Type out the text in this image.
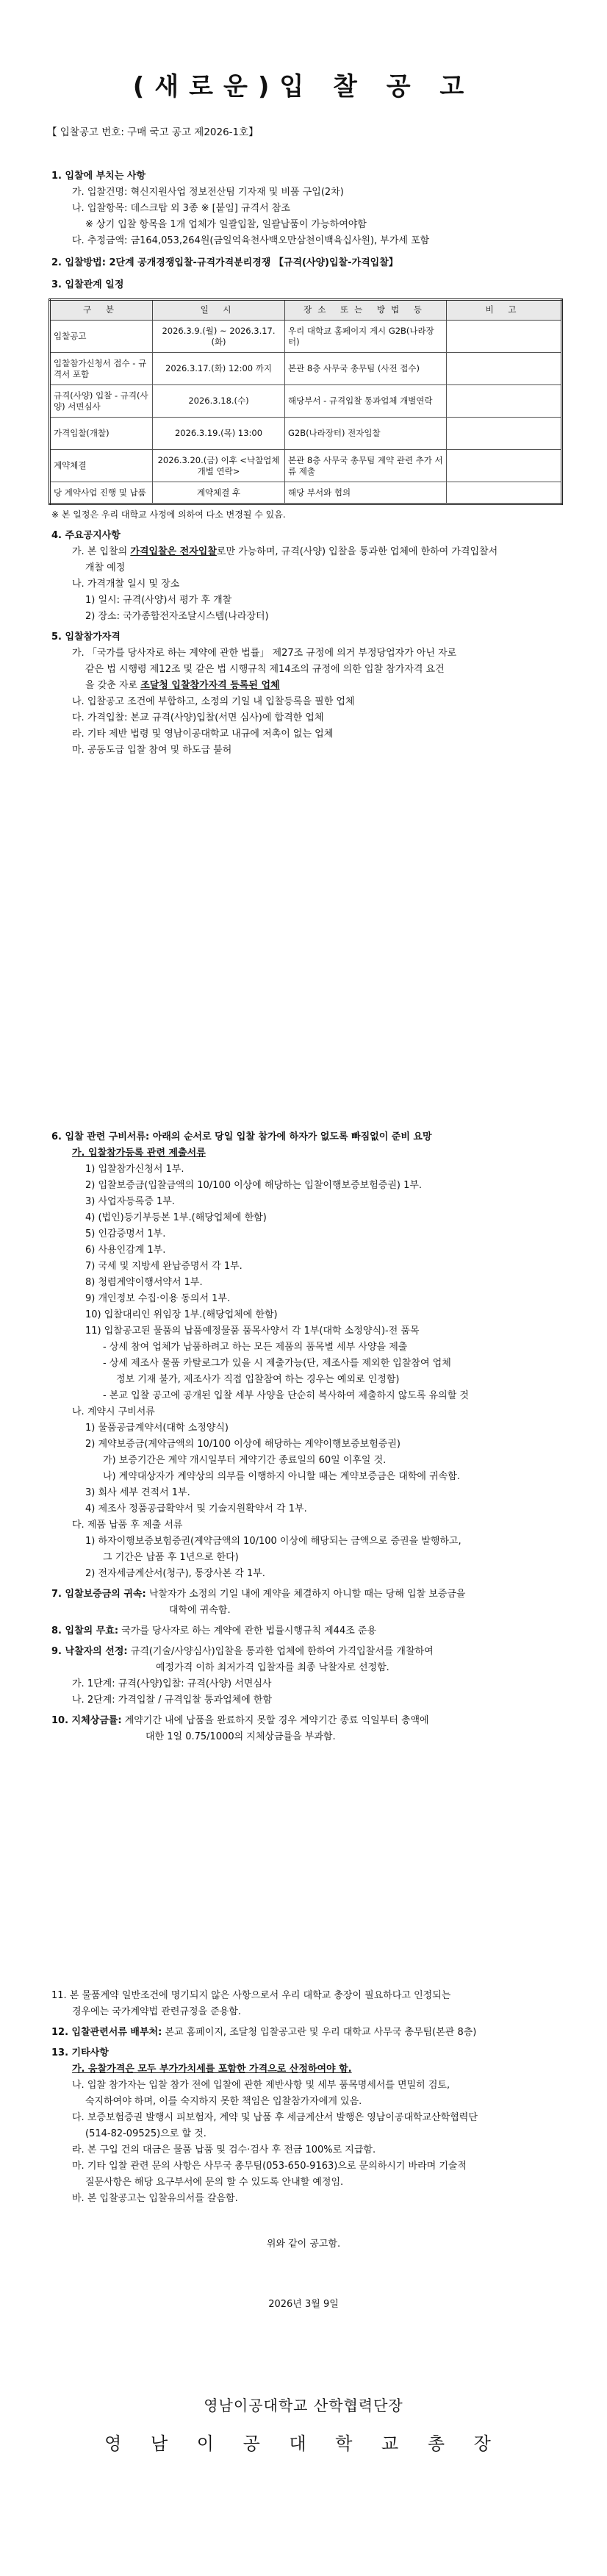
(새로운)입 찰 공 고
【 입찰공고 번호: 구매 국고 공고 제2026-1호】
1. 입찰에 부치는 사항
가. 입찰건명: 혁신지원사업 정보전산팀 기자재 및 비품 구입(2차)
나. 입찰항목: 데스크탑 외 3종 ※ [붙임] 규격서 참조
※ 상기 입찰 항목을 1개 업체가 일괄입찰, 일괄납품이 가능하여야함
다. 추정금액: 금164,053,264원(금일억육천사백오만삼천이백육십사원), 부가세 포함
2. 입찰방법: 2단계 공개경쟁입찰-규격가격분리경쟁 【규격(사양)입찰-가격입찰】
3. 입찰관계 일정
구 분	일 시	장소 또는 방법 등	비 고
입찰공고	2026.3.9.(월) ~ 2026.3.17.(화)	우리 대학교 홈페이지 게시 G2B(나라장터)	
입찰참가신청서 접수 - 규격서 포함	2026.3.17.(화) 12:00 까지	본관 8층 사무국 총무팀 (사전 접수)	
규격(사양) 입찰 - 규격(사양) 서면심사	2026.3.18.(수)	해당부서 - 규격입찰 통과업체 개별연락	
가격입찰(개찰)	2026.3.19.(목) 13:00	G2B(나라장터) 전자입찰	
계약체결	2026.3.20.(금) 이후 <낙찰업체 개별 연락>	본관 8층 사무국 총무팀 계약 관련 추가 서류 제출	
당 계약사업 진행 및 납품	계약체결 후	해당 부서와 협의	
※ 본 일정은 우리 대학교 사정에 의하여 다소 변경될 수 있음.
4. 주요공지사항
가. 본 입찰의 가격입찰은 전자입찰로만 가능하며, 규격(사양) 입찰을 통과한 업체에 한하여 가격입찰서
개찰 예정
나. 가격개찰 일시 및 장소
1) 일시: 규격(사양)서 평가 후 개찰
2) 장소: 국가종합전자조달시스템(나라장터)
5. 입찰참가자격
가. 「국가를 당사자로 하는 계약에 관한 법률」 제27조 규정에 의거 부정당업자가 아닌 자로
같은 법 시행령 제12조 및 같은 법 시행규칙 제14조의 규정에 의한 입찰 참가자격 요건
을 갖춘 자로 조달청 입찰참가자격 등록된 업체
나. 입찰공고 조건에 부합하고, 소정의 기일 내 입찰등록을 필한 업체
다. 가격입찰: 본교 규격(사양)입찰(서면 심사)에 합격한 업체
라. 기타 제반 법령 및 영남이공대학교 내규에 저촉이 없는 업체
마. 공동도급 입찰 참여 및 하도급 불허
6. 입찰 관련 구비서류: 아래의 순서로 당일 입찰 참가에 하자가 없도록 빠짐없이 준비 요망
가. 입찰참가등록 관련 제출서류
1) 입찰참가신청서 1부.
2) 입찰보증금(입찰금액의 10/100 이상에 해당하는 입찰이행보증보험증권) 1부.
3) 사업자등록증 1부.
4) (법인)등기부등본 1부.(해당업체에 한함)
5) 인감증명서 1부.
6) 사용인감계 1부.
7) 국세 및 지방세 완납증명서 각 1부.
8) 청렴계약이행서약서 1부.
9) 개인정보 수집·이용 동의서 1부.
10) 입찰대리인 위임장 1부.(해당업체에 한함)
11) 입찰공고된 물품의 납품예정물품 품목사양서 각 1부(대학 소정양식)-전 품목
- 상세 참여 업체가 납품하려고 하는 모든 제품의 품목별 세부 사양을 제출
- 상세 제조사 물품 카탈로그가 있을 시 제출가능(단, 제조사를 제외한 입찰참여 업체
정보 기재 불가, 제조사가 직접 입찰참여 하는 경우는 예외로 인정함)
- 본교 입찰 공고에 공개된 입찰 세부 사양을 단순히 복사하여 제출하지 않도록 유의할 것
나. 계약시 구비서류
1) 물품공급계약서(대학 소정양식)
2) 계약보증금(계약금액의 10/100 이상에 해당하는 계약이행보증보험증권)
가) 보증기간은 계약 개시일부터 계약기간 종료일의 60일 이후일 것.
나) 계약대상자가 계약상의 의무를 이행하지 아니할 때는 계약보증금은 대학에 귀속함.
3) 회사 세부 견적서 1부.
4) 제조사 정품공급확약서 및 기술지원확약서 각 1부.
다. 제품 납품 후 제출 서류
1) 하자이행보증보험증권(계약금액의 10/100 이상에 해당되는 금액으로 증권을 발행하고,
그 기간은 납품 후 1년으로 한다)
2) 전자세금계산서(청구), 통장사본 각 1부.
7. 입찰보증금의 귀속: 낙찰자가 소정의 기일 내에 계약을 체결하지 아니할 때는 당해 입찰 보증금을
대학에 귀속함.
8. 입찰의 무효: 국가를 당사자로 하는 계약에 관한 법률시행규칙 제44조 준용
9. 낙찰자의 선정: 규격(기술/사양심사)입찰을 통과한 업체에 한하여 가격입찰서를 개찰하여
예정가격 이하 최저가격 입찰자를 최종 낙찰자로 선정함.
가. 1단계: 규격(사양)입찰: 규격(사양) 서면심사
나. 2단계: 가격입찰 / 규격입찰 통과업체에 한함
10. 지체상금률: 계약기간 내에 납품을 완료하지 못할 경우 계약기간 종료 익일부터 총액에
대한 1일 0.75/1000의 지체상금률을 부과함.
11. 본 물품계약 일반조건에 명기되지 않은 사항으로서 우리 대학교 총장이 필요하다고 인정되는
경우에는 국가계약법 관련규정을 준용함.
12. 입찰관련서류 배부처: 본교 홈페이지, 조달청 입찰공고란 및 우리 대학교 사무국 총무팀(본관 8층)
13. 기타사항
가. 응찰가격은 모두 부가가치세를 포함한 가격으로 산정하여야 함.
나. 입찰 참가자는 입찰 참가 전에 입찰에 관한 제반사항 및 세부 품목명세서를 면밀히 검토,
숙지하여야 하며, 이를 숙지하지 못한 책임은 입찰참가자에게 있음.
다. 보증보험증권 발행시 피보험자, 계약 및 납품 후 세금계산서 발행은 영남이공대학교산학협력단
(514-82-09525)으로 할 것.
라. 본 구입 건의 대금은 물품 납품 및 검수·검사 후 전금 100%로 지급함.
마. 기타 입찰 관련 문의 사항은 사무국 총무팀(053-650-9163)으로 문의하시기 바라며 기술적
질문사항은 해당 요구부서에 문의 할 수 있도록 안내할 예정임.
바. 본 입찰공고는 입찰유의서를 갈음함.
위와 같이 공고함.
2026년 3월 9일
영남이공대학교 산학협력단장
영 남 이 공 대 학 교 총 장
